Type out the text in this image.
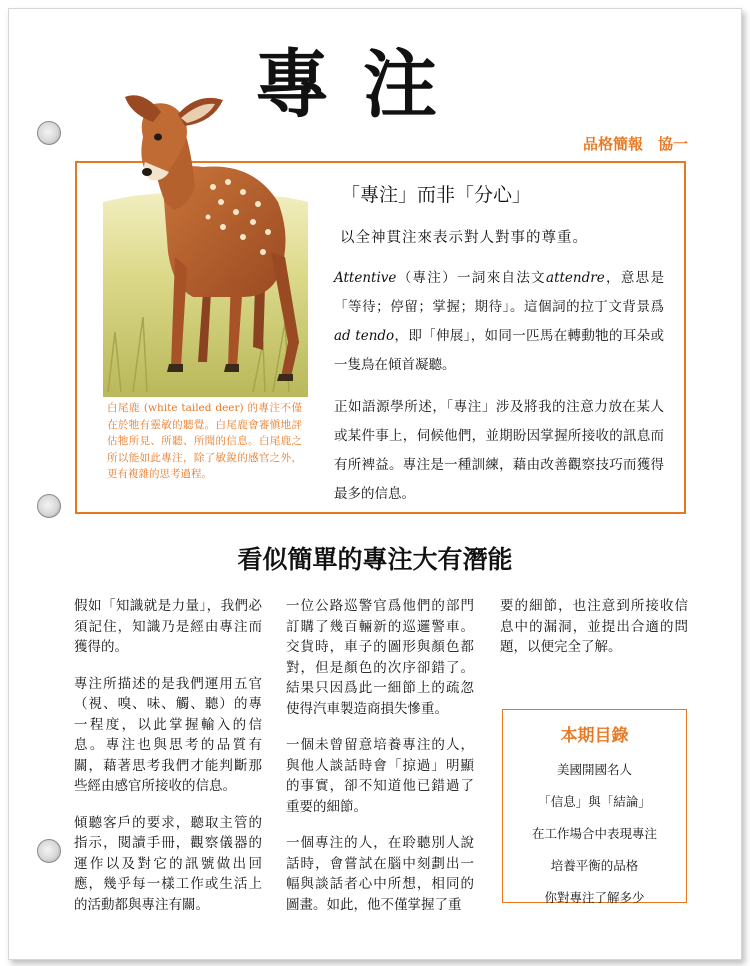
專注
品格簡報　協一
白尾鹿 (white tailed deer) 的專注不僅在於牠有靈敏的聽覺。白尾鹿會審愼地評估牠所見、所聽、所聞的信息。白尾鹿之所以能如此專注，除了敏銳的感官之外，更有複雜的思考過程。
「專注」而非「分心」
以全神貫注來表示對人對事的尊重。
Attentive（專注）一詞來自法文attendre，意思是「等待；停留；掌握；期待」。這個詞的拉丁文背景爲ad tendo，即「伸展」，如同一匹馬在轉動牠的耳朵或一隻鳥在傾首凝聽。
正如語源學所述，「專注」涉及將我的注意力放在某人或某件事上，伺候他們，並期盼因掌握所接收的訊息而有所裨益。專注是一種訓練，藉由改善觀察技巧而獲得最多的信息。
看似簡單的專注大有潛能

假如「知識就是力量」，我們必須記住，知識乃是經由專注而獲得的。

專注所描述的是我們運用五官（視、嗅、味、觸、聽）的專一程度，以此掌握輸入的信息。專注也與思考的品質有關，藉著思考我們才能判斷那些經由感官所接收的信息。

傾聽客戶的要求，聽取主管的指示，閱讀手冊，觀察儀器的運作以及對它的訊號做出回應，幾乎每一樣工作或生活上的活動都與專注有關。

一位公路巡警官爲他們的部門訂購了幾百輛新的巡邏警車。交貨時，車子的圖形與顏色都對，但是顏色的次序卻錯了。結果只因爲此一細節上的疏忽使得汽車製造商損失慘重。

一個未曾留意培養專注的人，與他人談話時會「掠過」明顯的事實，卻不知道他已錯過了重要的細節。

一個專注的人，在聆聽別人說話時，會嘗試在腦中刻劃出一幅與談話者心中所想，相同的圖畫。如此，他不僅掌握了重

要的細節，也注意到所接收信息中的漏洞，並提出合適的問題，以便完全了解。

本期目錄
美國開國名人
「信息」與「結論」
在工作場合中表現專注
培養平衡的品格
你對專注了解多少
